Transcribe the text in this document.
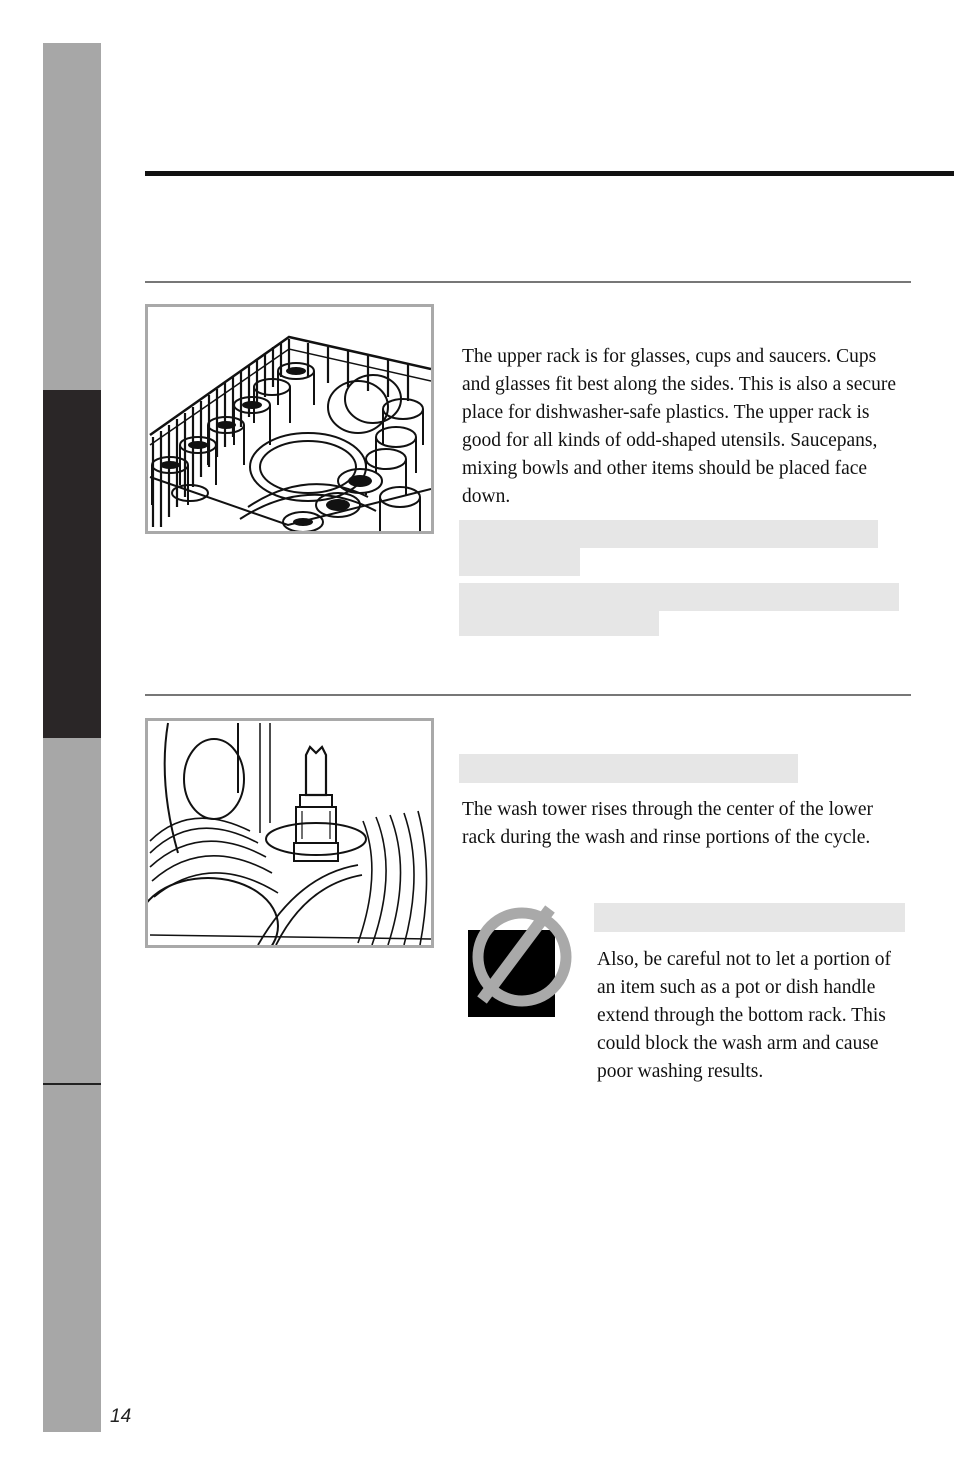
The upper rack is for glasses, cups and saucers. Cups and glasses fit best along the sides. This is also a secure place for dishwasher-safe plastics. The upper rack is good for all kinds of odd-shaped utensils. Saucepans, mixing bowls and other items should be placed face down.

The wash tower rises through the center of the lower rack during the wash and rinse portions of the cycle.

Also, be careful not to let a portion of an item such as a pot or dish handle extend through the bottom rack. This could block the wash arm and cause poor washing results.

14
